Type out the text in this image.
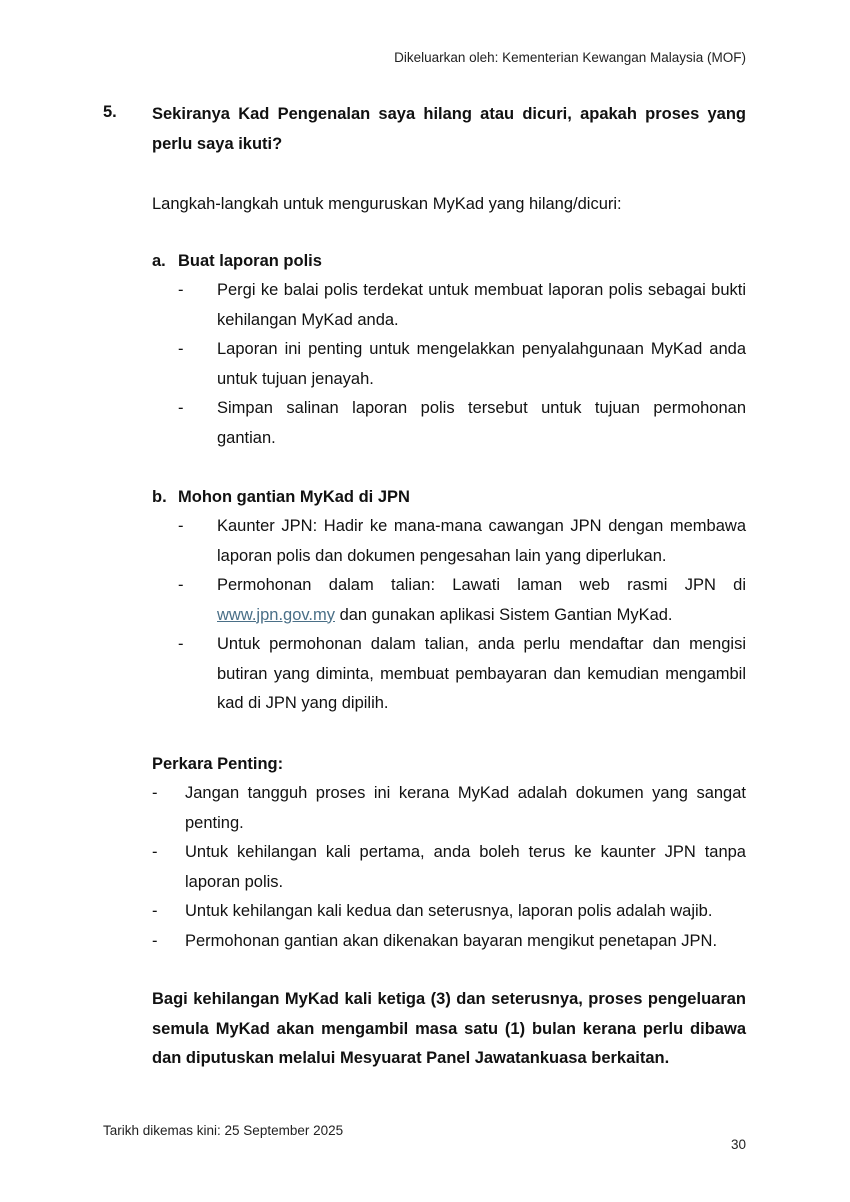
Dikeluarkan oleh: Kementerian Kewangan Malaysia (MOF)
5. Sekiranya Kad Pengenalan saya hilang atau dicuri, apakah proses yang perlu saya ikuti?
Langkah-langkah untuk menguruskan MyKad yang hilang/dicuri:
a. Buat laporan polis
- Pergi ke balai polis terdekat untuk membuat laporan polis sebagai bukti kehilangan MyKad anda.
- Laporan ini penting untuk mengelakkan penyalahgunaan MyKad anda untuk tujuan jenayah.
- Simpan salinan laporan polis tersebut untuk tujuan permohonan gantian.
b. Mohon gantian MyKad di JPN
- Kaunter JPN: Hadir ke mana-mana cawangan JPN dengan membawa laporan polis dan dokumen pengesahan lain yang diperlukan.
- Permohonan dalam talian: Lawati laman web rasmi JPN di www.jpn.gov.my dan gunakan aplikasi Sistem Gantian MyKad.
- Untuk permohonan dalam talian, anda perlu mendaftar dan mengisi butiran yang diminta, membuat pembayaran dan kemudian mengambil kad di JPN yang dipilih.
Perkara Penting:
- Jangan tangguh proses ini kerana MyKad adalah dokumen yang sangat penting.
- Untuk kehilangan kali pertama, anda boleh terus ke kaunter JPN tanpa laporan polis.
- Untuk kehilangan kali kedua dan seterusnya, laporan polis adalah wajib.
- Permohonan gantian akan dikenakan bayaran mengikut penetapan JPN.
Bagi kehilangan MyKad kali ketiga (3) dan seterusnya, proses pengeluaran semula MyKad akan mengambil masa satu (1) bulan kerana perlu dibawa dan diputuskan melalui Mesyuarat Panel Jawatankuasa berkaitan.
Tarikh dikemas kini: 25 September 2025
30
